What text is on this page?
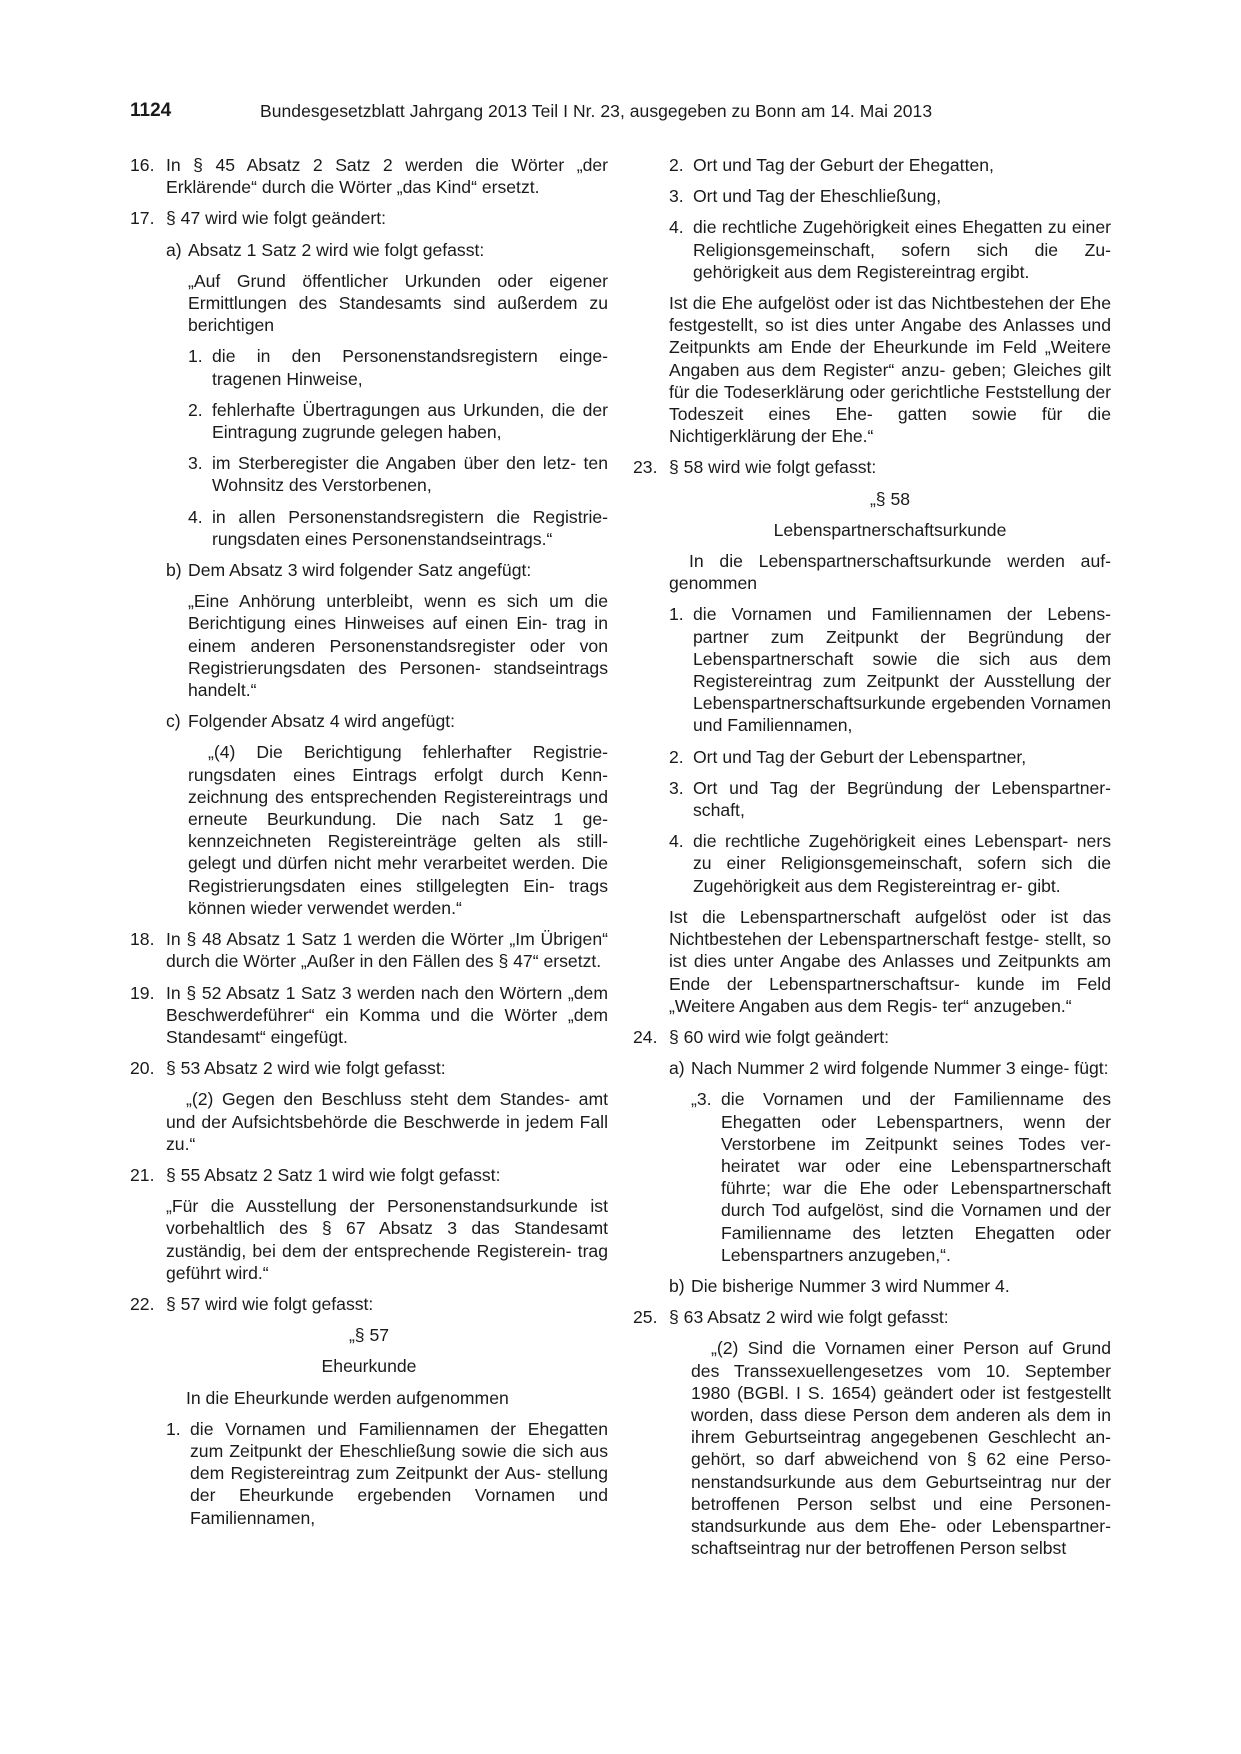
1124	Bundesgesetzblatt Jahrgang 2013 Teil I Nr. 23, ausgegeben zu Bonn am 14. Mai 2013
16. In § 45 Absatz 2 Satz 2 werden die Wörter „der Erklärende“ durch die Wörter „das Kind“ ersetzt.
17. § 47 wird wie folgt geändert:
a) Absatz 1 Satz 2 wird wie folgt gefasst:

„Auf Grund öffentlicher Urkunden oder eigener Ermittlungen des Standesamts sind außerdem zu berichtigen

1. die in den Personenstandsregistern einge- tragenen Hinweise,
2. fehlerhafte Übertragungen aus Urkunden, die der Eintragung zugrunde gelegen haben,
3. im Sterberegister die Angaben über den letz- ten Wohnsitz des Verstorbenen,
4. in allen Personenstandsregistern die Registrie- rungsdaten eines Personenstandseintrags.“
b) Dem Absatz 3 wird folgender Satz angefügt:

„Eine Anhörung unterbleibt, wenn es sich um die Berichtigung eines Hinweises auf einen Ein- trag in einem anderen Personenstandsregister oder von Registrierungsdaten des Personen- standseintrags handelt.“

c) Folgender Absatz 4 wird angefügt:

„(4) Die Berichtigung fehlerhafter Registrie- rungsdaten eines Eintrags erfolgt durch Kenn- zeichnung des entsprechenden Registereintrags und erneute Beurkundung. Die nach Satz 1 ge- kennzeichneten Registereinträge gelten als still- gelegt und dürfen nicht mehr verarbeitet werden. Die Registrierungsdaten eines stillgelegten Ein- trags können wieder verwendet werden.“

18. In § 48 Absatz 1 Satz 1 werden die Wörter „Im Übrigen“ durch die Wörter „Außer in den Fällen des § 47“ ersetzt.
19. In § 52 Absatz 1 Satz 3 werden nach den Wörtern „dem Beschwerdeführer“ ein Komma und die Wörter „dem Standesamt“ eingefügt.
20. § 53 Absatz 2 wird wie folgt gefasst:

„(2) Gegen den Beschluss steht dem Standes- amt und der Aufsichtsbehörde die Beschwerde in jedem Fall zu.“

21. § 55 Absatz 2 Satz 1 wird wie folgt gefasst:

„Für die Ausstellung der Personenstandsurkunde ist vorbehaltlich des § 67 Absatz 3 das Standesamt zuständig, bei dem der entsprechende Registerein- trag geführt wird.“

22. § 57 wird wie folgt gefasst:

„§ 57

Eheurkunde

In die Eheurkunde werden aufgenommen

1. die Vornamen und Familiennamen der Ehegatten zum Zeitpunkt der Eheschließung sowie die sich aus dem Registereintrag zum Zeitpunkt der Aus- stellung der Eheurkunde ergebenden Vornamen und Familiennamen,
2. Ort und Tag der Geburt der Ehegatten,
3. Ort und Tag der Eheschließung,
4. die rechtliche Zugehörigkeit eines Ehegatten zu einer Religionsgemeinschaft, sofern sich die Zu- gehörigkeit aus dem Registereintrag ergibt.

Ist die Ehe aufgelöst oder ist das Nichtbestehen der Ehe festgestellt, so ist dies unter Angabe des Anlasses und Zeitpunkts am Ende der Eheurkunde im Feld „Weitere Angaben aus dem Register“ anzu- geben; Gleiches gilt für die Todeserklärung oder gerichtliche Feststellung der Todeszeit eines Ehe- gatten sowie für die Nichtigerklärung der Ehe.“

23. § 58 wird wie folgt gefasst:

„§ 58

Lebenspartnerschaftsurkunde

In die Lebenspartnerschaftsurkunde werden auf- genommen

1. die Vornamen und Familiennamen der Lebens- partner zum Zeitpunkt der Begründung der Lebenspartnerschaft sowie die sich aus dem Registereintrag zum Zeitpunkt der Ausstellung der Lebenspartnerschaftsurkunde ergebenden Vornamen und Familiennamen,
2. Ort und Tag der Geburt der Lebenspartner,
3. Ort und Tag der Begründung der Lebenspartner- schaft,
4. die rechtliche Zugehörigkeit eines Lebenspart- ners zu einer Religionsgemeinschaft, sofern sich die Zugehörigkeit aus dem Registereintrag er- gibt.

Ist die Lebenspartnerschaft aufgelöst oder ist das Nichtbestehen der Lebenspartnerschaft festge- stellt, so ist dies unter Angabe des Anlasses und Zeitpunkts am Ende der Lebenspartnerschaftsur- kunde im Feld „Weitere Angaben aus dem Regis- ter“ anzugeben.“

24. § 60 wird wie folgt geändert:
a) Nach Nummer 2 wird folgende Nummer 3 einge- fügt:
„3. die Vornamen und der Familienname des Ehegatten oder Lebenspartners, wenn der Verstorbene im Zeitpunkt seines Todes ver- heiratet war oder eine Lebenspartnerschaft führte; war die Ehe oder Lebenspartnerschaft durch Tod aufgelöst, sind die Vornamen und der Familienname des letzten Ehegatten oder Lebenspartners anzugeben,“.
b) Die bisherige Nummer 3 wird Nummer 4.
25. § 63 Absatz 2 wird wie folgt gefasst:

„(2) Sind die Vornamen einer Person auf Grund des Transsexuellengesetzes vom 10. September 1980 (BGBl. I S. 1654) geändert oder ist festgestellt worden, dass diese Person dem anderen als dem in ihrem Geburtseintrag angegebenen Geschlecht an- gehört, so darf abweichend von § 62 eine Perso- nenstandsurkunde aus dem Geburtseintrag nur der betroffenen Person selbst und eine Personen- standsurkunde aus dem Ehe- oder Lebenspartner- schaftseintrag nur der betroffenen Person selbst
